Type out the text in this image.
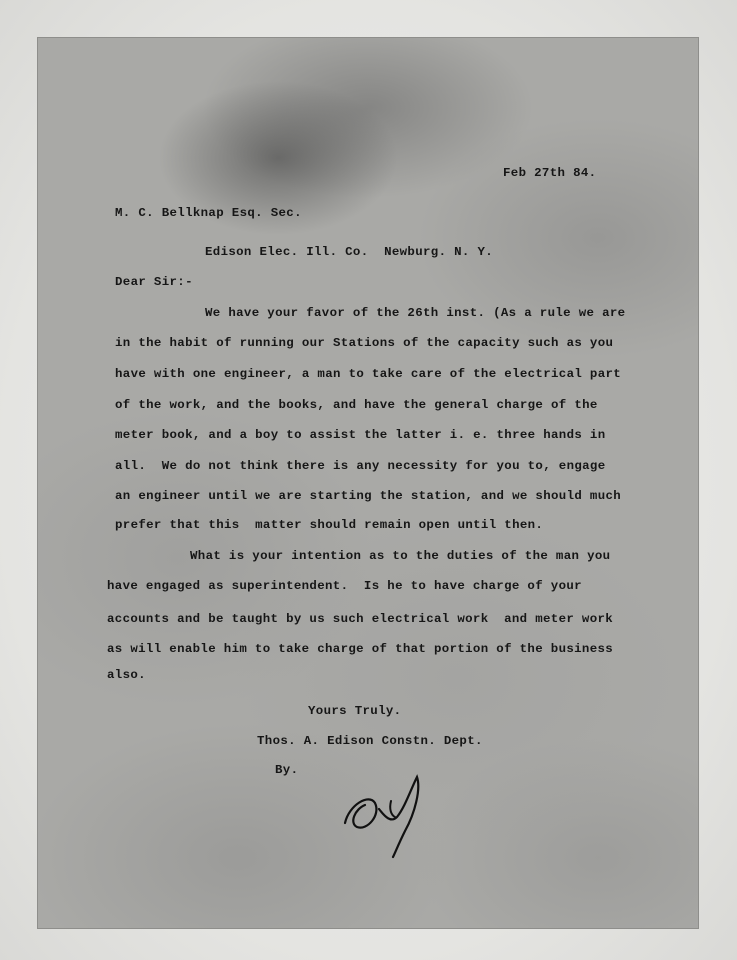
Feb 27th 84.
M. C. Bellknap Esq. Sec.
Edison Elec. Ill. Co.  Newburg. N. Y.
Dear Sir:-
We have your favor of the 26th inst. (As a rule we are
in the habit of running our Stations of the capacity such as you
have with one engineer, a man to take care of the electrical part
of the work, and the books, and have the general charge of the
meter book, and a boy to assist the latter i. e. three hands in
all.  We do not think there is any necessity for you to, engage
an engineer until we are starting the station, and we should much
prefer that this  matter should remain open until then.
What is your intention as to the duties of the man you
have engaged as superintendent.  Is he to have charge of your
accounts and be taught by us such electrical work  and meter work
as will enable him to take charge of that portion of the business
also.
Yours Truly.
Thos. A. Edison Constn. Dept.
By.
